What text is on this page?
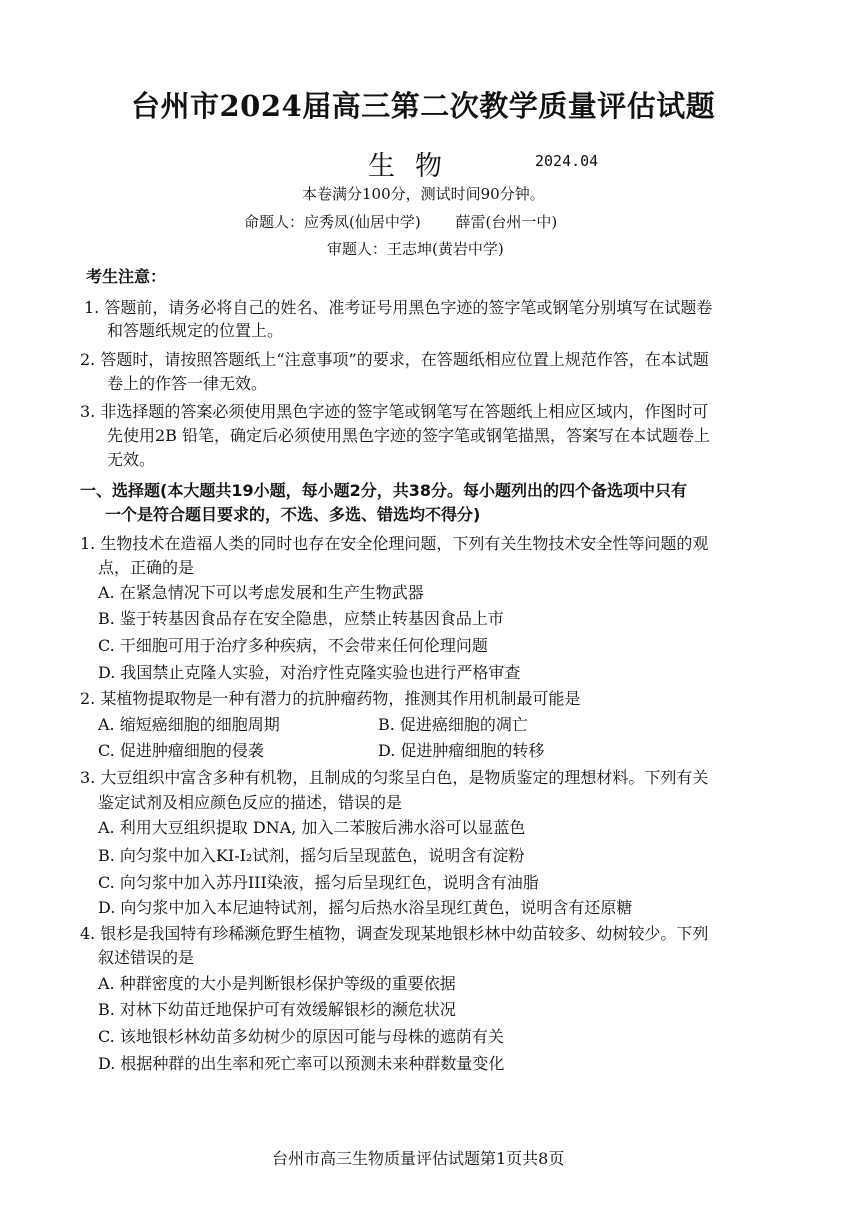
台州市2024届高三第二次教学质量评估试题
生物	2024.04
本卷满分100分，测试时间90分钟。
命题人：应秀凤(仙居中学)　　 薛雷(台州一中)
审题人：王志坤(黄岩中学)
考生注意：
1. 答题前，请务必将自己的姓名、准考证号用黑色字迹的签字笔或钢笔分别填写在试题卷
和答题纸规定的位置上。
2. 答题时，请按照答题纸上“注意事项”的要求，在答题纸相应位置上规范作答，在本试题
卷上的作答一律无效。
3. 非选择题的答案必须使用黑色字迹的签字笔或钢笔写在答题纸上相应区域内，作图时可
先使用2B 铅笔，确定后必须使用黑色字迹的签字笔或钢笔描黑，答案写在本试题卷上
无效。
一、选择题(本大题共19小题，每小题2分，共38分。每小题列出的四个备选项中只有
一个是符合题目要求的，不选、多选、错选均不得分)
1. 生物技术在造福人类的同时也存在安全伦理问题，下列有关生物技术安全性等问题的观
点，正确的是
A. 在紧急情况下可以考虑发展和生产生物武器
B. 鉴于转基因食品存在安全隐患，应禁止转基因食品上市
C. 干细胞可用于治疗多种疾病，不会带来任何伦理问题
D. 我国禁止克隆人实验，对治疗性克隆实验也进行严格审查
2. 某植物提取物是一种有潜力的抗肿瘤药物，推测其作用机制最可能是
A. 缩短癌细胞的细胞周期	B. 促进癌细胞的凋亡
C. 促进肿瘤细胞的侵袭	D. 促进肿瘤细胞的转移
3. 大豆组织中富含多种有机物，且制成的匀浆呈白色，是物质鉴定的理想材料。下列有关
鉴定试剂及相应颜色反应的描述，错误的是
A. 利用大豆组织提取 DNA, 加入二苯胺后沸水浴可以显蓝色
B. 向匀浆中加入KI-I₂试剂，摇匀后呈现蓝色，说明含有淀粉
C. 向匀浆中加入苏丹III染液，摇匀后呈现红色，说明含有油脂
D. 向匀浆中加入本尼迪特试剂，摇匀后热水浴呈现红黄色，说明含有还原糖
4. 银杉是我国特有珍稀濒危野生植物，调查发现某地银杉林中幼苗较多、幼树较少。下列
叙述错误的是
A. 种群密度的大小是判断银杉保护等级的重要依据
B. 对林下幼苗迁地保护可有效缓解银杉的濒危状况
C. 该地银杉林幼苗多幼树少的原因可能与母株的遮荫有关
D. 根据种群的出生率和死亡率可以预测未来种群数量变化
台州市高三生物质量评估试题第1页共8页
